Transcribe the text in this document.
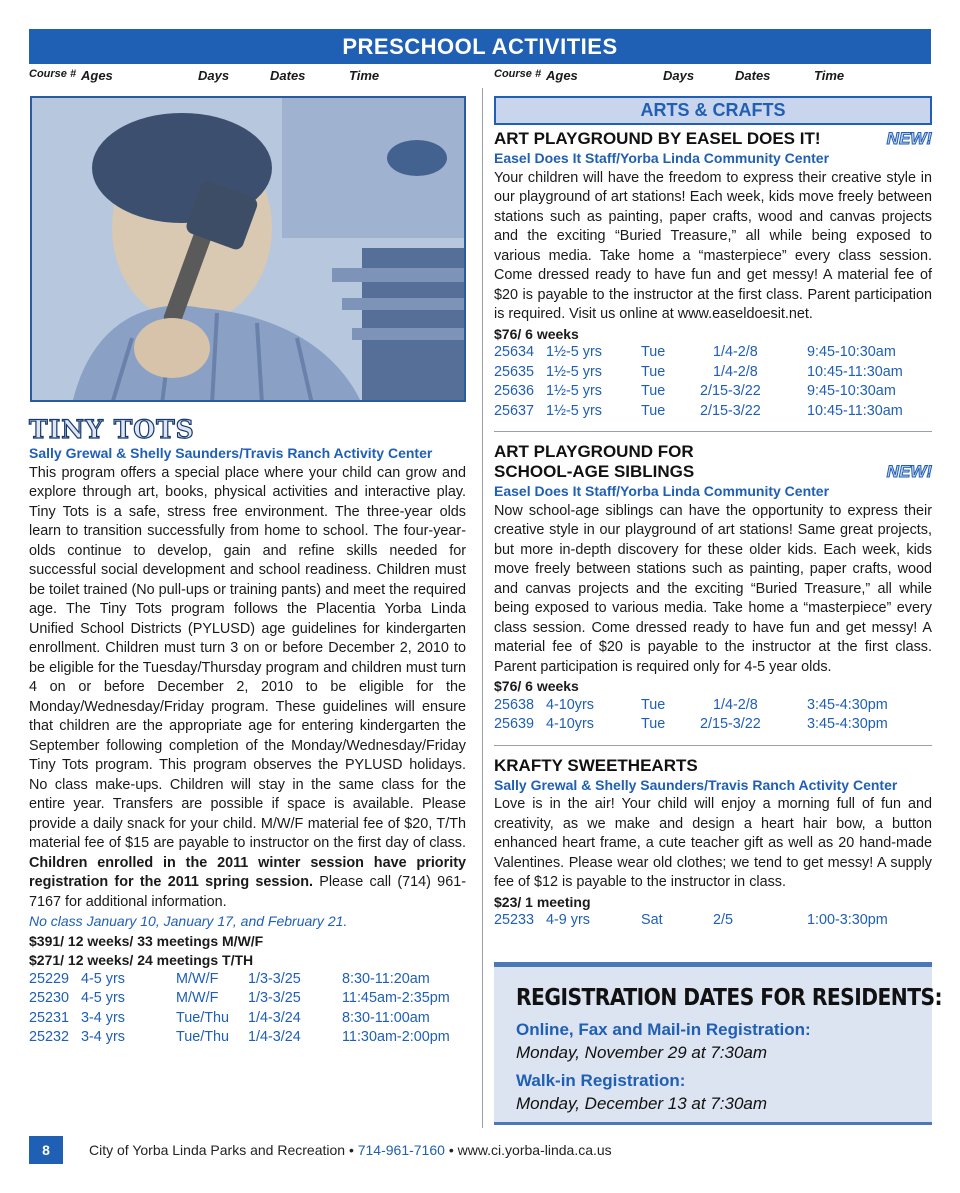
PRESCHOOL ACTIVITIES
Course # Ages	Days	Dates	Time	Course # Ages	Days	Dates	Time
TINY TOTS
Sally Grewal & Shelly Saunders/Travis Ranch Activity Center

This program offers a special place where your child can grow and explore through art, books, physical activities and interactive play. Tiny Tots is a safe, stress free environment. The three-year olds learn to transition successfully from home to school. The four-year-olds continue to develop, gain and refine skills needed for successful social development and school readiness. Children must be toilet trained (No pull-ups or training pants) and meet the required age. The Tiny Tots program follows the Placentia Yorba Linda Unified School Districts (PYLUSD) age guidelines for kindergarten enrollment. Children must turn 3 on or before December 2, 2010 to be eligible for the Tuesday/Thursday program and children must turn 4 on or before December 2, 2010 to be eligible for the Monday/Wednesday/Friday program. These guidelines will ensure that children are the appropriate age for entering kindergarten the September following completion of the Monday/Wednesday/Friday Tiny Tots program. This program observes the PYLUSD holidays. No class make-ups. Children will stay in the same class for the entire year. Transfers are possible if space is available. Please provide a daily snack for your child. M/W/F material fee of $20, T/Th material fee of $15 are payable to instructor on the first day of class. Children enrolled in the 2011 winter session have priority registration for the 2011 spring session. Please call (714) 961-7167 for additional information.

No class January 10, January 17, and February 21.
$391/ 12 weeks/ 33 meetings M/W/F
$271/ 12 weeks/ 24 meetings T/TH
25229 4-5 yrs	M/W/F 1/3-3/25	8:30-11:20am
25230 4-5 yrs	M/W/F 1/3-3/25	11:45am-2:35pm
25231 3-4 yrs	Tue/Thu 1/4-3/24	8:30-11:00am
25232 3-4 yrs	Tue/Thu 1/4-3/24	11:30am-2:00pm
ARTS & CRAFTS
ART PLAYGROUND BY EASEL DOES IT!	NEW!
Easel Does It Staff/Yorba Linda Community Center

Your children will have the freedom to express their creative style in our playground of art stations! Each week, kids move freely between stations such as painting, paper crafts, wood and canvas projects and the exciting “Buried Treasure,” all while being exposed to various media. Take home a “masterpiece” every class session. Come dressed ready to have fun and get messy! A material fee of $20 is payable to the instructor at the first class. Parent participation is required. Visit us online at www.easeldoesit.net.

$76/ 6 weeks
25634 1½-5 yrs	Tue	1/4-2/8	9:45-10:30am
25635 1½-5 yrs	Tue	1/4-2/8	10:45-11:30am
25636 1½-5 yrs	Tue 2/15-3/22	9:45-10:30am
25637 1½-5 yrs	Tue 2/15-3/22	10:45-11:30am
ART PLAYGROUND FOR
SCHOOL-AGE SIBLINGS	NEW!
Easel Does It Staff/Yorba Linda Community Center

Now school-age siblings can have the opportunity to express their creative style in our playground of art stations! Same great projects, but more in-depth discovery for these older kids. Each week, kids move freely between stations such as painting, paper crafts, wood and canvas projects and the exciting “Buried Treasure,” all while being exposed to various media. Take home a “masterpiece” every class session. Come dressed ready to have fun and get messy! A material fee of $20 is payable to the instructor at the first class. Parent participation is required only for 4-5 year olds.

$76/ 6 weeks
25638 4-10yrs	Tue	1/4-2/8	3:45-4:30pm
25639 4-10yrs	Tue 2/15-3/22	3:45-4:30pm
KRAFTY SWEETHEARTS
Sally Grewal & Shelly Saunders/Travis Ranch Activity Center

Love is in the air! Your child will enjoy a morning full of fun and creativity, as we make and design a heart hair bow, a button enhanced heart frame, a cute teacher gift as well as 20 hand-made Valentines. Please wear old clothes; we tend to get messy! A supply fee of $12 is payable to the instructor in class.

$23/ 1 meeting
25233 4-9 yrs	Sat	2/5	1:00-3:30pm
REGISTRATION DATES FOR RESIDENTS:
Online, Fax and Mail-in Registration:
Monday, November 29 at 7:30am
Walk-in Registration:
Monday, December 13 at 7:30am
8	City of Yorba Linda Parks and Recreation • 714-961-7160 • www.ci.yorba-linda.ca.us
